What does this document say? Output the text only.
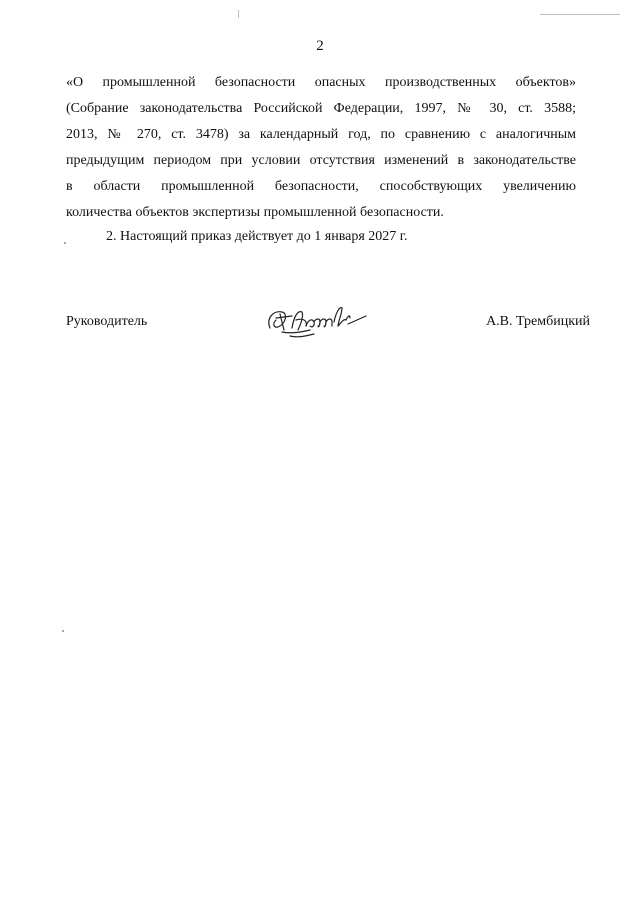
2
«О промышленной безопасности опасных производственных объектов»
(Собрание законодательства Российской Федерации, 1997, № 30, ст. 3588;
2013, № 270, ст. 3478) за календарный год, по сравнению с аналогичным
предыдущим периодом при условии отсутствия изменений в законодательстве
в области промышленной безопасности, способствующих увеличению
количества объектов экспертизы промышленной безопасности.
2. Настоящий приказ действует до 1 января 2027 г.
Руководитель	А.В. Трембицкий
